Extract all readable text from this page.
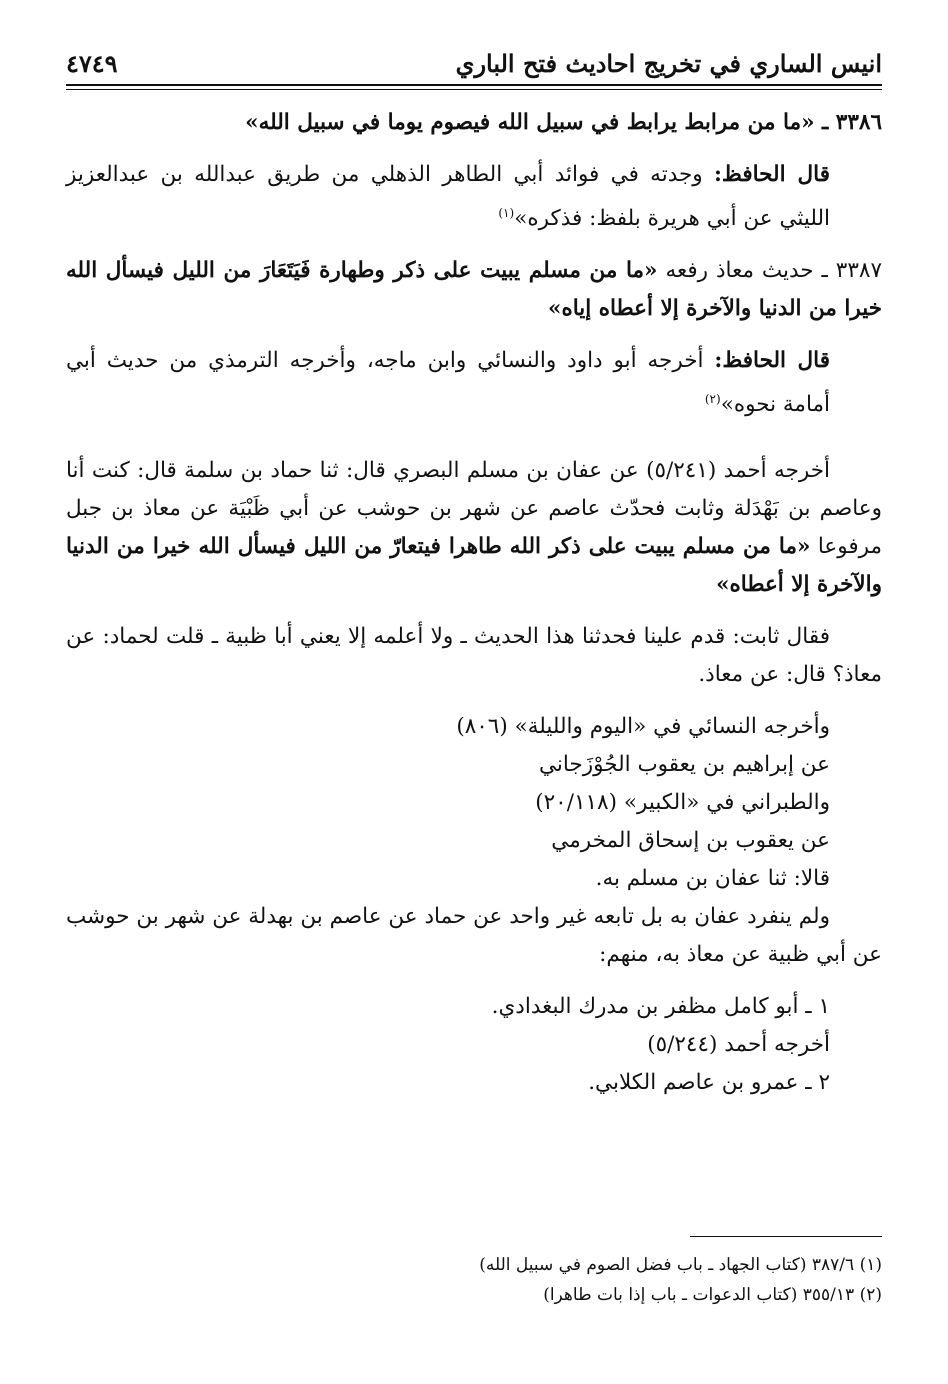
انيس الساري في تخريج احاديث فتح الباري
٤٧٤٩

٣٣٨٦ ـ «ما من مرابط يرابط في سبيل الله فيصوم يوما في سبيل الله»

قال الحافظ: وجدته في فوائد أبي الطاهر الذهلي من طريق عبدالله بن عبدالعزيز الليثي عن أبي هريرة بلفظ: فذكره»$^{(١)}$

٣٣٨٧ ـ حديث معاذ رفعه «ما من مسلم يبيت على ذكر وطهارة فَيَتَعَارَ من الليل فيسأل الله خيرا من الدنيا والآخرة إلا أعطاه إياه»

قال الحافظ: أخرجه أبو داود والنسائي وابن ماجه، وأخرجه الترمذي من حديث أبي أمامة نحوه»$^{(٢)}$

أخرجه أحمد (٥/٢٤١) عن عفان بن مسلم البصري قال: ثنا حماد بن سلمة قال: كنت أنا وعاصم بن بَهْدَلة وثابت فحدّث عاصم عن شهر بن حوشب عن أبي ظَبْيَة عن معاذ بن جبل مرفوعا «ما من مسلم يبيت على ذكر الله طاهرا فيتعارّ من الليل فيسأل الله خيرا من الدنيا والآخرة إلا أعطاه»

فقال ثابت: قدم علينا فحدثنا هذا الحديث ـ ولا أعلمه إلا يعني أبا ظبية ـ قلت لحماد: عن معاذ؟ قال: عن معاذ.

وأخرجه النسائي في «اليوم والليلة» (٨٠٦)

عن إبراهيم بن يعقوب الجُوْزَجاني

والطبراني في «الكبير» (٢٠/١١٨)

عن يعقوب بن إسحاق المخرمي

قالا: ثنا عفان بن مسلم به.

ولم ينفرد عفان به بل تابعه غير واحد عن حماد عن عاصم بن بهدلة عن شهر بن حوشب عن أبي ظبية عن معاذ به، منهم:

١ ـ أبو كامل مظفر بن مدرك البغدادي.

أخرجه أحمد (٥/٢٤٤)

٢ ـ عمرو بن عاصم الكلابي.

(١) ٣٨٧/٦ (كتاب الجهاد ـ باب فضل الصوم في سبيل الله)

(٢) ٣٥٥/١٣ (كتاب الدعوات ـ باب إذا بات طاهرا)
